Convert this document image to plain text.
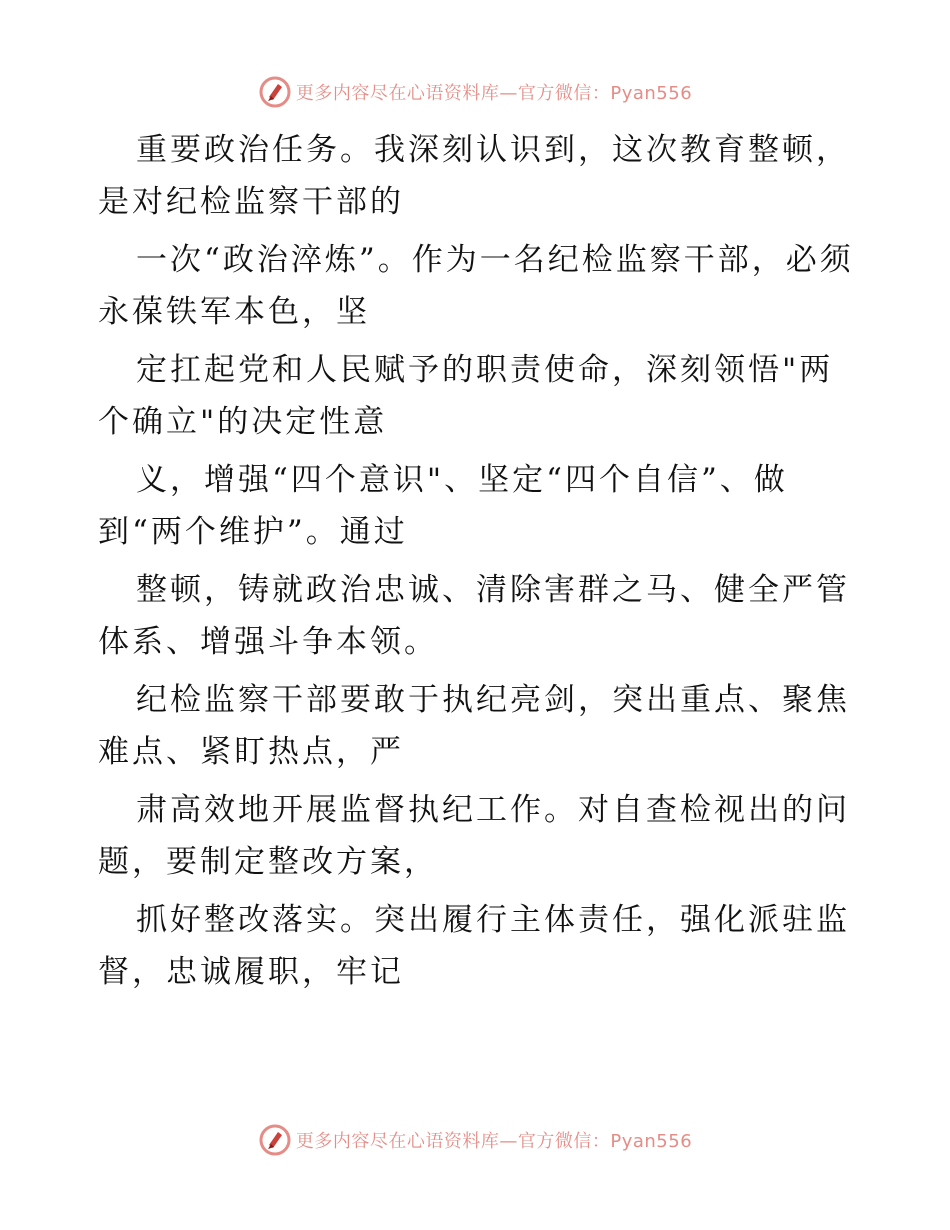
更多内容尽在心语资料库—官方微信：Pyan556

重要政治任务。我深刻认识到，这次教育整顿，是对纪检监察干部的

一次“政治淬炼”。作为一名纪检监察干部，必须永葆铁军本色，坚

定扛起党和人民赋予的职责使命，深刻领悟"两个确立"的决定性意

义，增强“四个意识"、坚定“四个自信”、做到“两个维护”。通过

整顿，铸就政治忠诚、清除害群之马、健全严管体系、增强斗争本领。

纪检监察干部要敢于执纪亮剑，突出重点、聚焦难点、紧盯热点，严

肃高效地开展监督执纪工作。对自查检视出的问题，要制定整改方案，

抓好整改落实。突出履行主体责任，强化派驻监督，忠诚履职，牢记

更多内容尽在心语资料库—官方微信：Pyan556
